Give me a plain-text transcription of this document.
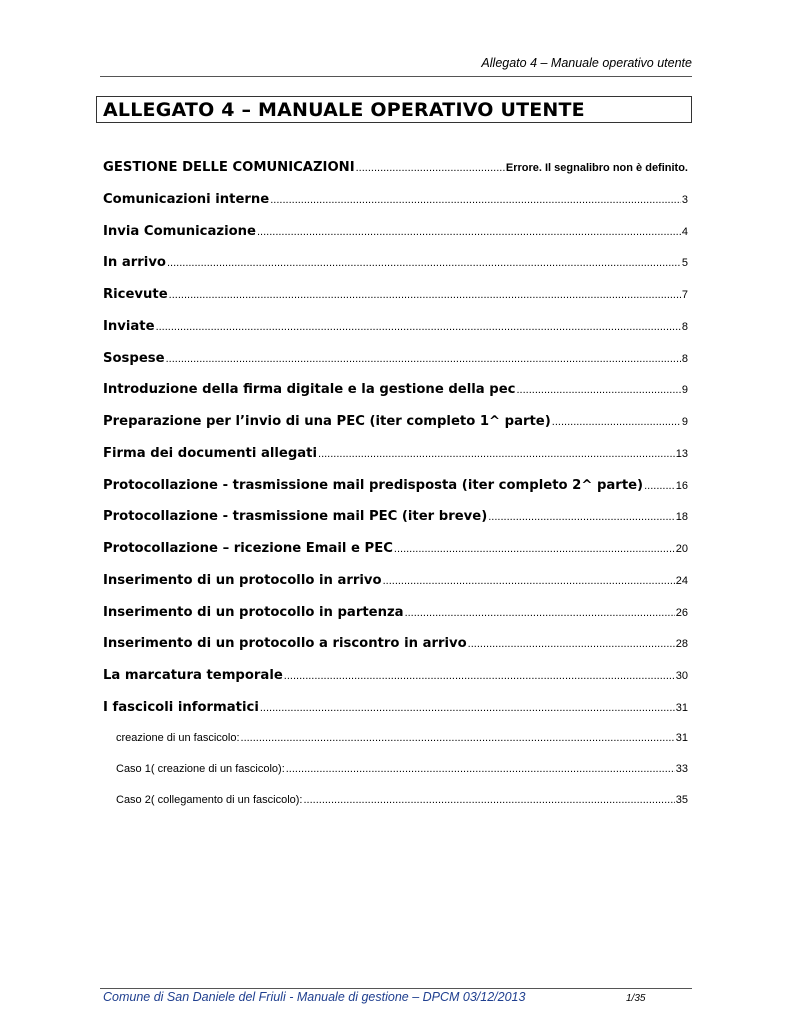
Allegato 4 – Manuale operativo utente
ALLEGATO 4 – MANUALE OPERATIVO UTENTE
GESTIONE DELLE COMUNICAZIONI .....	Errore. Il segnalibro non è definito.
Comunicazioni interne .....	3
Invia Comunicazione .....	4
In arrivo .....	5
Ricevute .....	7
Inviate .....	8
Sospese .....	8
Introduzione della firma digitale e la gestione della pec .....	9
Preparazione per l’invio di una PEC (iter completo 1^ parte) .....	9
Firma dei documenti allegati .....	13
Protocollazione - trasmissione mail predisposta (iter completo 2^ parte) .....	16
Protocollazione - trasmissione mail PEC (iter breve) .....	18
Protocollazione – ricezione Email e PEC .....	20
Inserimento di un protocollo in arrivo .....	24
Inserimento di un protocollo in partenza .....	26
Inserimento di un protocollo a riscontro in arrivo .....	28
La marcatura temporale .....	30
I fascicoli informatici .....	31
creazione di un fascicolo: .....	31
Caso 1( creazione di un fascicolo): .....	33
Caso 2( collegamento di un fascicolo): .....	35
Comune di San Daniele del Friuli - Manuale di gestione – DPCM 03/12/2013	1/35
